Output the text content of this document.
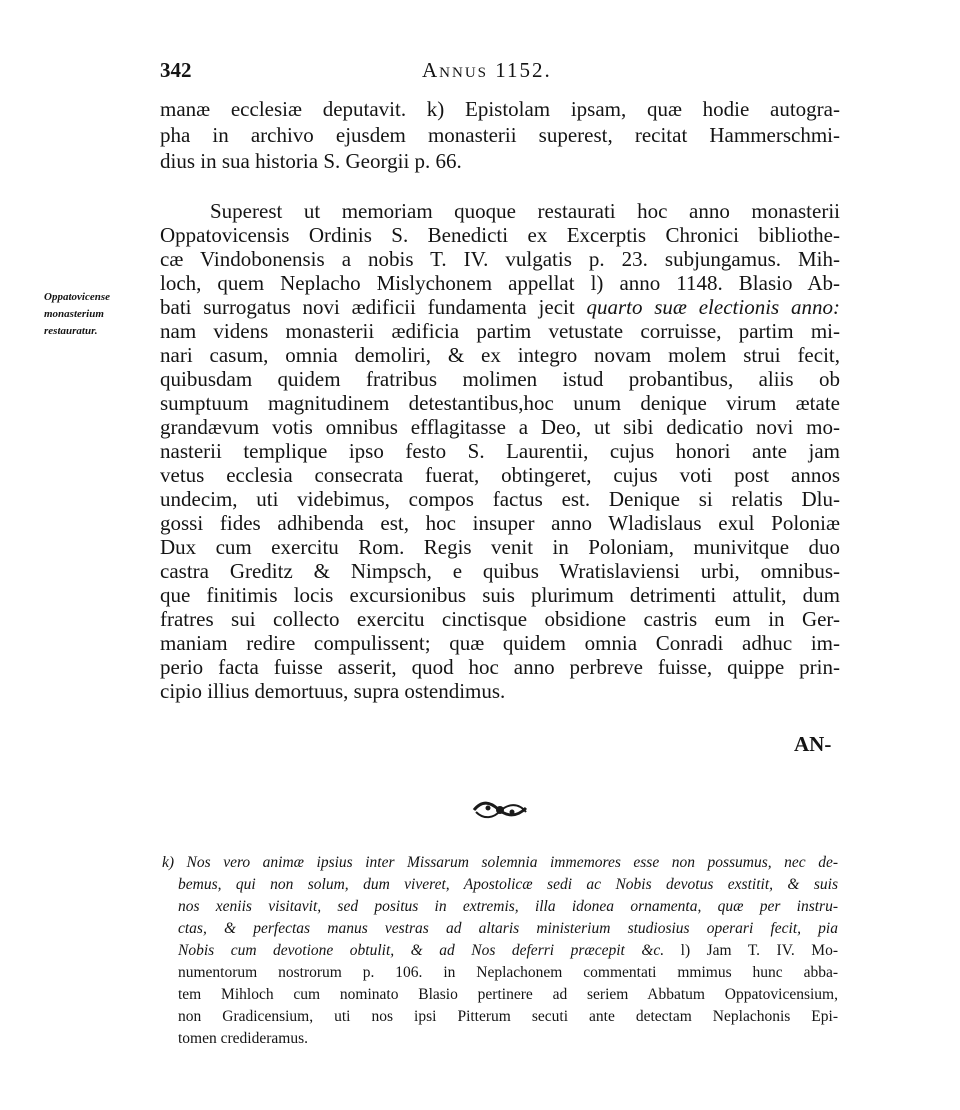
342	Annus 1152.
manæ ecclesiæ deputavit. k) Epistolam ipsam, quæ hodie autogra-
pha in archivo ejusdem monasterii superest, recitat Hammerschmi-
dius in sua historia S. Georgii p. 66.
Superest ut memoriam quoque restaurati hoc anno monasterii
Oppatovicensis Ordinis S. Benedicti ex Excerptis Chronici bibliothe-
cæ Vindobonensis a nobis T. IV. vulgatis p. 23. subjungamus. Mih-
loch, quem Neplacho Mislychonem appellat l) anno 1148. Blasio Ab-
bati surrogatus novi ædificii fundamenta jecit quarto suæ electionis anno:
nam videns monasterii ædificia partim vetustate corruisse, partim mi-
nari casum, omnia demoliri, & ex integro novam molem strui fecit,
quibusdam quidem fratribus molimen istud probantibus, aliis ob
sumptuum magnitudinem detestantibus,hoc unum denique virum ætate
grandævum votis omnibus efflagitasse a Deo, ut sibi dedicatio novi mo-
nasterii templique ipso festo S. Laurentii, cujus honori ante jam
vetus ecclesia consecrata fuerat, obtingeret, cujus voti post annos
undecim, uti videbimus, compos factus est. Denique si relatis Dlu-
gossi fides adhibenda est, hoc insuper anno Wladislaus exul Poloniæ
Dux cum exercitu Rom. Regis venit in Poloniam, munivitque duo
castra Greditz & Nimpsch, e quibus Wratislaviensi urbi, omnibus-
que finitimis locis excursionibus suis plurimum detrimenti attulit, dum
fratres sui collecto exercitu cinctisque obsidione castris eum in Ger-
maniam redire compulissent; quæ quidem omnia Conradi adhuc im-
perio facta fuisse asserit, quod hoc anno perbreve fuisse, quippe prin-
cipio illius demortuus, supra ostendimus.
Oppatovicense
monasterium
restauratur.
AN-
k) Nos vero animæ ipsius inter Missarum solemnia immemores esse non possumus, nec de-
bemus, qui non solum, dum viveret, Apostolicæ sedi ac Nobis devotus exstitit, & suis
nos xeniis visitavit, sed positus in extremis, illa idonea ornamenta, quæ per instru-
ctas, & perfectas manus vestras ad altaris ministerium studiosius operari fecit, pia
Nobis cum devotione obtulit, & ad Nos deferri præcepit &c. l) Jam T. IV. Mo-
numentorum nostrorum p. 106. in Neplachonem commentati mmimus hunc abba-
tem Mihloch cum nominato Blasio pertinere ad seriem Abbatum Oppatovicensium,
non Gradicensium, uti nos ipsi Pitterum secuti ante detectam Neplachonis Epi-
tomen credideramus.
